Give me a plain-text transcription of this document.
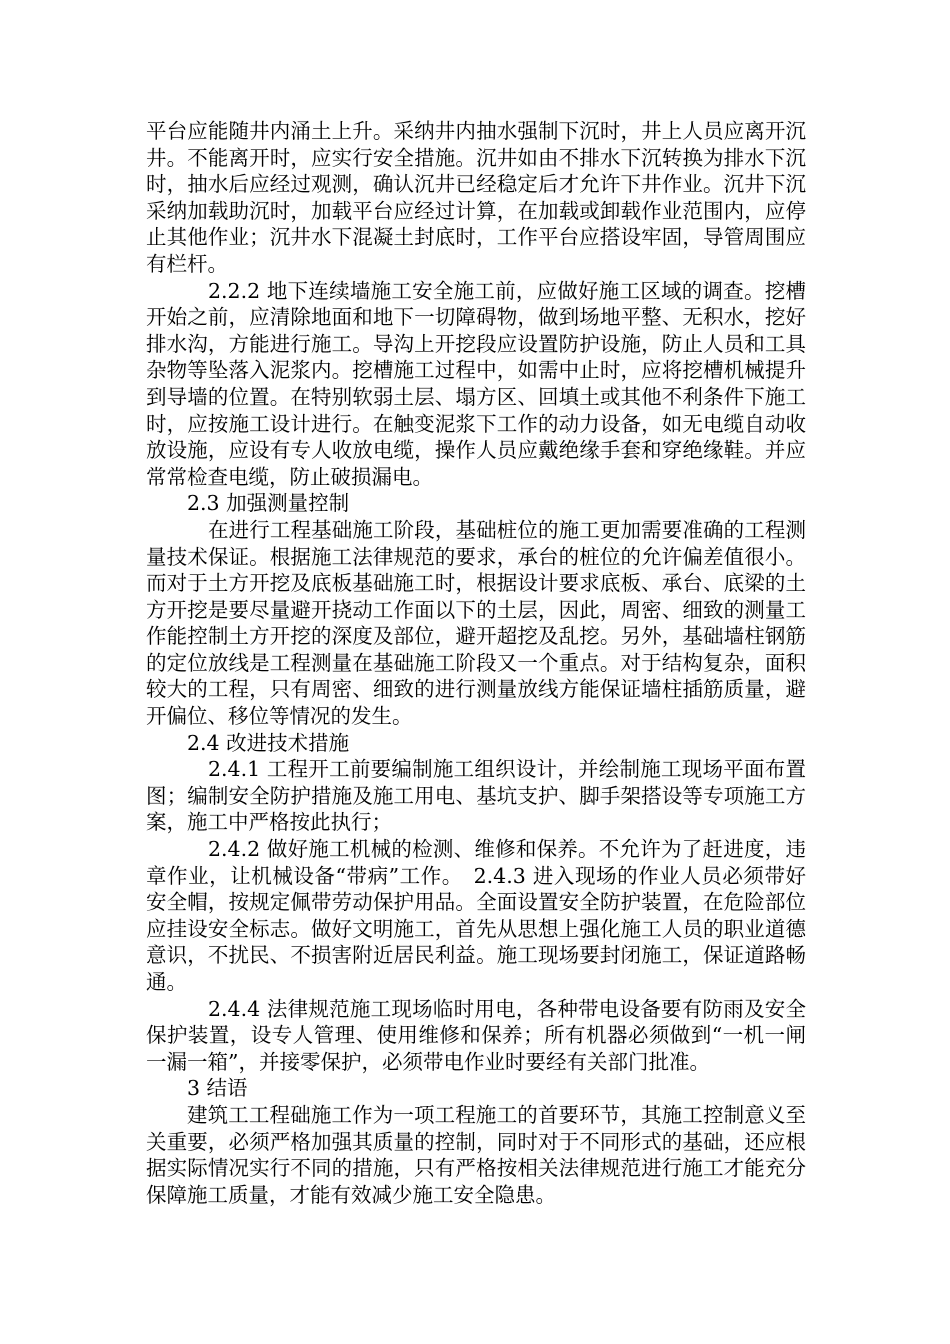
平台应能随井内涌土上升。采纳井内抽水强制下沉时，井上人员应离开沉井。不能离开时，应实行安全措施。沉井如由不排水下沉转换为排水下沉时，抽水后应经过观测，确认沉井已经稳定后才允许下井作业。沉井下沉采纳加载助沉时，加载平台应经过计算，在加载或卸载作业范围内，应停止其他作业；沉井水下混凝土封底时，工作平台应搭设牢固，导管周围应有栏杆。

2.2.2 地下连续墙施工安全施工前，应做好施工区域的调查。挖槽开始之前，应清除地面和地下一切障碍物，做到场地平整、无积水，挖好排水沟，方能进行施工。导沟上开挖段应设置防护设施，防止人员和工具杂物等坠落入泥浆内。挖槽施工过程中，如需中止时，应将挖槽机械提升到导墙的位置。在特别软弱土层、塌方区、回填土或其他不利条件下施工时，应按施工设计进行。在触变泥浆下工作的动力设备，如无电缆自动收放设施，应设有专人收放电缆，操作人员应戴绝缘手套和穿绝缘鞋。并应常常检查电缆，防止破损漏电。

2.3 加强测量控制

在进行工程基础施工阶段，基础桩位的施工更加需要准确的工程测量技术保证。根据施工法律规范的要求，承台的桩位的允许偏差值很小。而对于土方开挖及底板基础施工时，根据设计要求底板、承台、底梁的土方开挖是要尽量避开挠动工作面以下的土层，因此，周密、细致的测量工作能控制土方开挖的深度及部位，避开超挖及乱挖。另外，基础墙柱钢筋的定位放线是工程测量在基础施工阶段又一个重点。对于结构复杂，面积较大的工程，只有周密、细致的进行测量放线方能保证墙柱插筋质量，避开偏位、移位等情况的发生。

2.4 改进技术措施

2.4.1 工程开工前要编制施工组织设计，并绘制施工现场平面布置图；编制安全防护措施及施工用电、基坑支护、脚手架搭设等专项施工方案，施工中严格按此执行；

2.4.2 做好施工机械的检测、维修和保养。不允许为了赶进度，违章作业，让机械设备“带病”工作。　2.4.3 进入现场的作业人员必须带好安全帽，按规定佩带劳动保护用品。全面设置安全防护装置，在危险部位应挂设安全标志。做好文明施工，首先从思想上强化施工人员的职业道德意识，不扰民、不损害附近居民利益。施工现场要封闭施工，保证道路畅通。

2.4.4 法律规范施工现场临时用电，各种带电设备要有防雨及安全保护装置，设专人管理、使用维修和保养；所有机器必须做到“一机一闸一漏一箱”，并接零保护，必须带电作业时要经有关部门批准。

3 结语

建筑工工程础施工作为一项工程施工的首要环节，其施工控制意义至关重要，必须严格加强其质量的控制，同时对于不同形式的基础，还应根据实际情况实行不同的措施，只有严格按相关法律规范进行施工才能充分保障施工质量，才能有效减少施工安全隐患。
